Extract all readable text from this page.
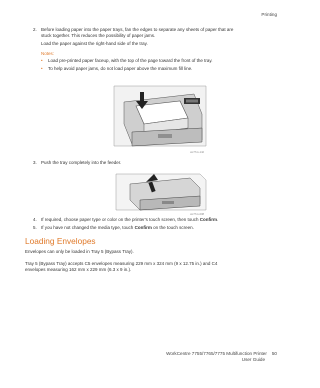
Printing
2. Before loading paper into the paper trays, fan the edges to separate any sheets of paper that are
stuck together. This reduces the possibility of paper jams.
Load the paper against the right-hand side of the tray.
Notes:
• Load pre-printed paper faceup, with the top of the page toward the front of the tray.
• To help avoid paper jams, do not load paper above the maximum fill line.
wc77xx-142
3. Push the tray completely into the feeder.
wc77xx-008
4. If required, choose paper type or color on the printer's touch screen, then touch Confirm.
5. If you have not changed the media type, touch Confirm on the touch screen.
Loading Envelopes
Envelopes can only be loaded in Tray 5 (Bypass Tray).
Tray 5 (Bypass Tray) accepts C5 envelopes measuring 229 mm x 324 mm (9 x 12.75 in.) and C4
envelopes measuring 162 mm x 229 mm (6.3 x 9 in.).
WorkCentre 7755/7765/7775 Multifunction Printer 50
User Guide
